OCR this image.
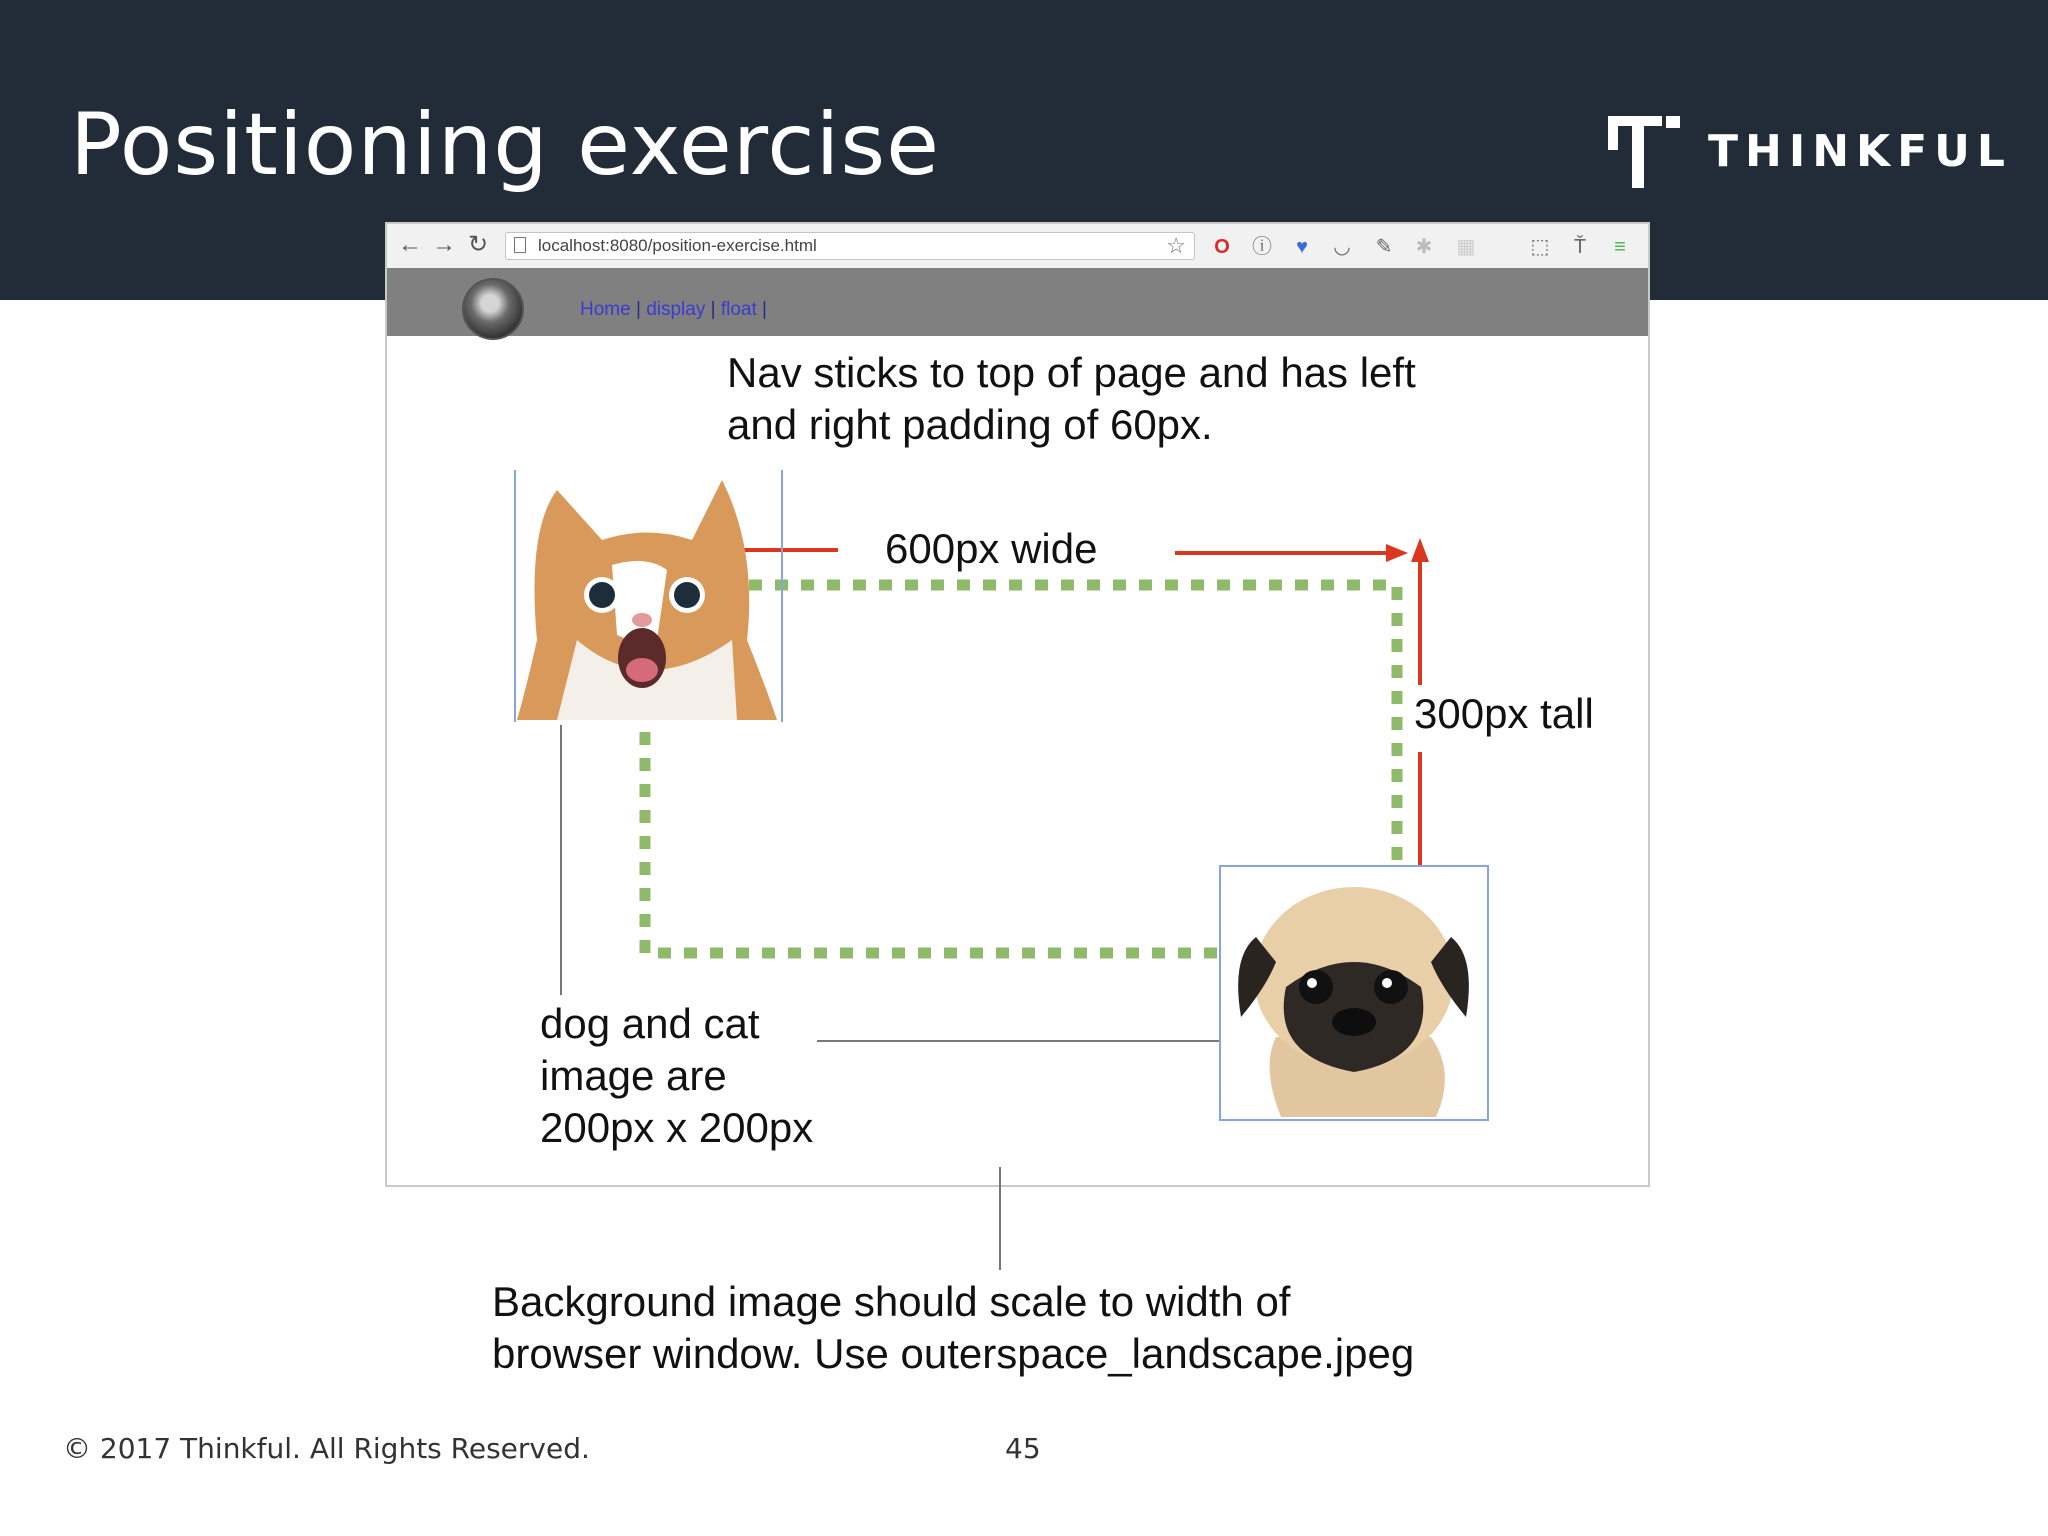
Positioning exercise	THINKFUL
← → ↻	localhost:8080/position-exercise.html	☆ O ⓘ	♥	◡ ✎ ✱ ▦	⬚	Ť	≡
Home | display | float |
Nav sticks to top of page and has left
and right padding of 60px.
600px wide
300px tall
dog and cat
image are
200px x 200px
Background image should scale to width of
browser window. Use outerspace_landscape.jpeg
© 2017 Thinkful. All Rights Reserved.	45
